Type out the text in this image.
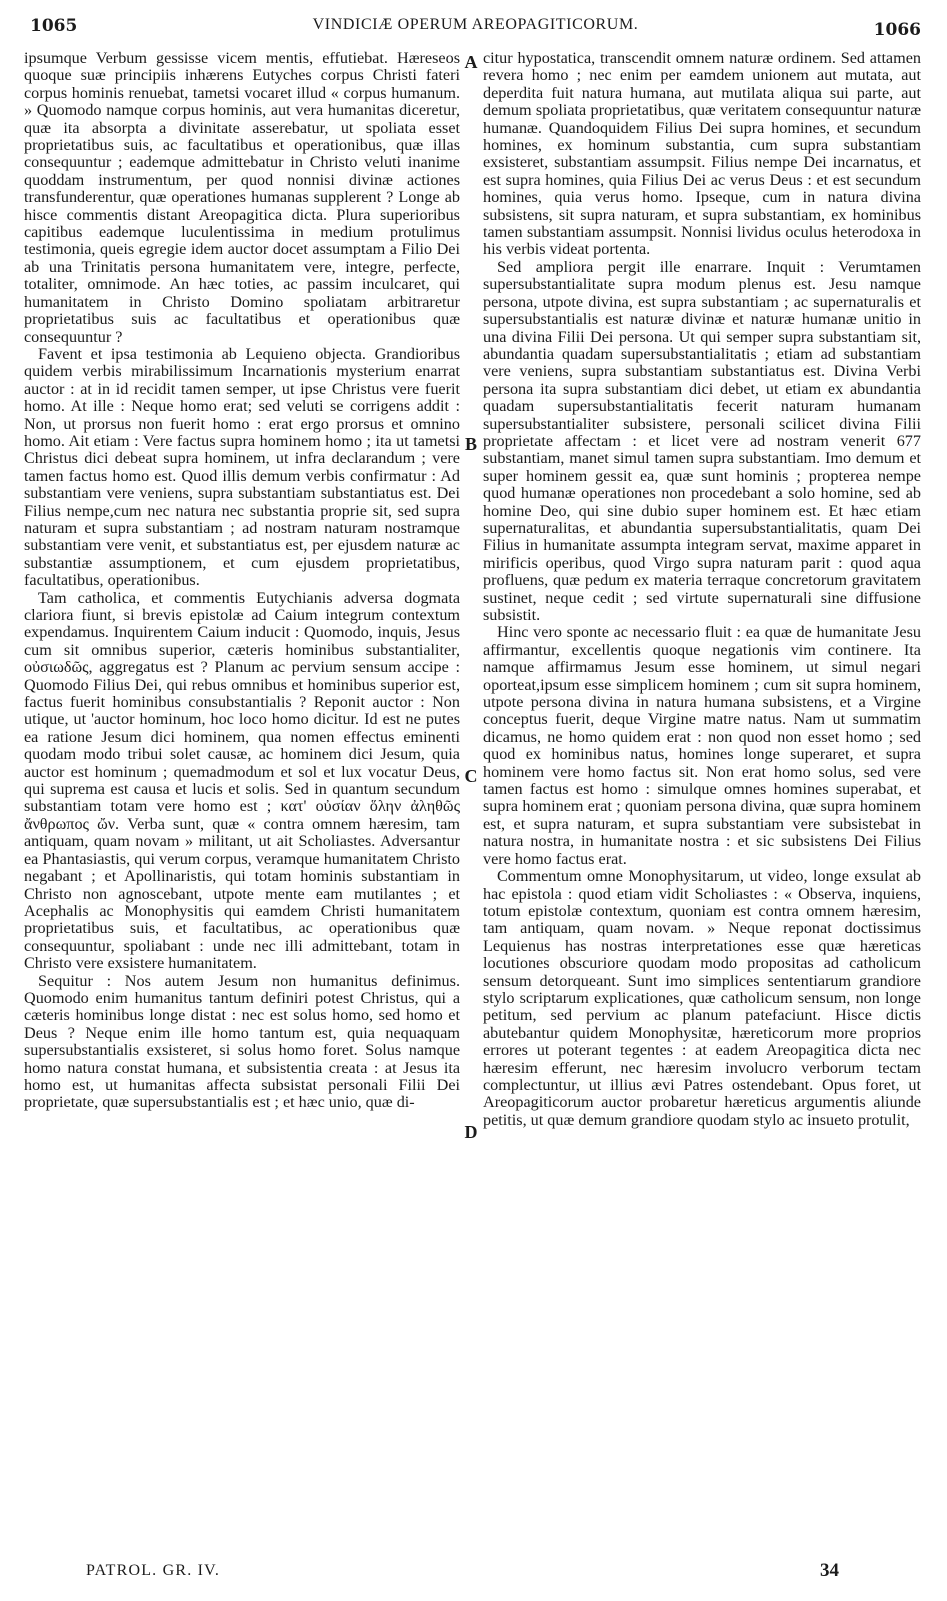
1065	VINDICIÆ OPERUM AREOPAGITICORUM.	1066

ipsumque Verbum gessisse vicem mentis, effutiebat. Hæreseos quoque suæ principiis inhærens Eutyches corpus Christi fateri corpus hominis renuebat, tametsi vocaret illud « corpus humanum. » Quomodo namque corpus hominis, aut vera humanitas diceretur, quæ ita absorpta a divinitate asserebatur, ut spoliata esset proprietatibus suis, ac facultatibus et operationibus, quæ illas consequuntur ; eademque admittebatur in Christo veluti inanime quoddam instrumentum, per quod nonnisi divinæ actiones transfunderentur, quæ operationes humanas supplerent ? Longe ab hisce commentis distant Areopagitica dicta. Plura superioribus capitibus eademque luculentissima in medium protulimus testimonia, queis egregie idem auctor docet assumptam a Filio Dei ab una Trinitatis persona humanitatem vere, integre, perfecte, totaliter, omnimode. An hæc toties, ac passim inculcaret, qui humanitatem in Christo Domino spoliatam arbitraretur proprietatibus suis ac facultatibus et operationibus quæ consequuntur ?

Favent et ipsa testimonia ab Lequieno objecta. Grandioribus quidem verbis mirabilissimum Incarnationis mysterium enarrat auctor : at in id recidit tamen semper, ut ipse Christus vere fuerit homo. At ille : Neque homo erat; sed veluti se corrigens addit : Non, ut prorsus non fuerit homo : erat ergo prorsus et omnino homo. Ait etiam : Vere factus supra hominem homo ; ita ut tametsi Christus dici debeat supra hominem, ut infra declarandum ; vere tamen factus homo est. Quod illis demum verbis confirmatur : Ad substantiam vere veniens, supra substantiam substantiatus est. Dei Filius nempe,cum nec natura nec substantia proprie sit, sed supra naturam et supra substantiam ; ad nostram naturam nostramque substantiam vere venit, et substantiatus est, per ejusdem naturæ ac substantiæ assumptionem, et cum ejusdem proprietatibus, facultatibus, operationibus.

Tam catholica, et commentis Eutychianis adversa dogmata clariora fiunt, si brevis epistolæ ad Caium integrum contextum expendamus. Inquirentem Caium inducit : Quomodo, inquis, Jesus cum sit omnibus superior, cæteris hominibus substantialiter, οὐσιωδῶς, aggregatus est ? Planum ac pervium sensum accipe : Quomodo Filius Dei, qui rebus omnibus et hominibus superior est, factus fuerit hominibus consubstantialis ? Reponit auctor : Non utique, ut 'auctor hominum, hoc loco homo dicitur. Id est ne putes ea ratione Jesum dici hominem, qua nomen effectus eminenti quodam modo tribui solet causæ, ac hominem dici Jesum, quia auctor est hominum ; quemadmodum et sol et lux vocatur Deus, qui suprema est causa et lucis et solis. Sed in quantum secundum substantiam totam vere homo est ; κατ' οὐσίαν ὅλην ἀληθῶς ἄνθρωπος ὤν. Verba sunt, quæ « contra omnem hæresim, tam antiquam, quam novam » militant, ut ait Scholiastes. Adversantur ea Phantasiastis, qui verum corpus, veramque humanitatem Christo negabant ; et Apollinaristis, qui totam hominis substantiam in Christo non agnoscebant, utpote mente eam mutilantes ; et Acephalis ac Monophysitis qui eamdem Christi humanitatem proprietatibus suis, et facultatibus, ac operationibus quæ consequuntur, spoliabant : unde nec illi admittebant, totam in Christo vere exsistere humanitatem.

Sequitur : Nos autem Jesum non humanitus definimus. Quomodo enim humanitus tantum definiri potest Christus, qui a cæteris hominibus longe distat : nec est solus homo, sed homo et Deus ? Neque enim ille homo tantum est, quia nequaquam supersubstantialis exsisteret, si solus homo foret. Solus namque homo natura constat humana, et subsistentia creata : at Jesus ita homo est, ut humanitas affecta subsistat personali Filii Dei proprietate, quæ supersubstantialis est ; et hæc unio, quæ di-

A
B
C
D

citur hypostatica, transcendit omnem naturæ ordinem. Sed attamen revera homo ; nec enim per eamdem unionem aut mutata, aut deperdita fuit natura humana, aut mutilata aliqua sui parte, aut demum spoliata proprietatibus, quæ veritatem consequuntur naturæ humanæ. Quandoquidem Filius Dei supra homines, et secundum homines, ex hominum substantia, cum supra substantiam exsisteret, substantiam assumpsit. Filius nempe Dei incarnatus, et est supra homines, quia Filius Dei ac verus Deus : et est secundum homines, quia verus homo. Ipseque, cum in natura divina subsistens, sit supra naturam, et supra substantiam, ex hominibus tamen substantiam assumpsit. Nonnisi lividus oculus heterodoxa in his verbis videat portenta.

Sed ampliora pergit ille enarrare. Inquit : Verumtamen supersubstantialitate supra modum plenus est. Jesu namque persona, utpote divina, est supra substantiam ; ac supernaturalis et supersubstantialis est naturæ divinæ et naturæ humanæ unitio in una divina Filii Dei persona. Ut qui semper supra substantiam sit, abundantia quadam supersubstantialitatis ; etiam ad substantiam vere veniens, supra substantiam substantiatus est. Divina Verbi persona ita supra substantiam dici debet, ut etiam ex abundantia quadam supersubstantialitatis fecerit naturam humanam supersubstantialiter subsistere, personali scilicet divina Filii proprietate affectam : et licet vere ad nostram venerit 677 substantiam, manet simul tamen supra substantiam. Imo demum et super hominem gessit ea, quæ sunt hominis ; propterea nempe quod humanæ operationes non procedebant a solo homine, sed ab homine Deo, qui sine dubio super hominem est. Et hæc etiam supernaturalitas, et abundantia supersubstantialitatis, quam Dei Filius in humanitate assumpta integram servat, maxime apparet in mirificis operibus, quod Virgo supra naturam parit : quod aqua profluens, quæ pedum ex materia terraque concretorum gravitatem sustinet, neque cedit ; sed virtute supernaturali sine diffusione subsistit.

Hinc vero sponte ac necessario fluit : ea quæ de humanitate Jesu affirmantur, excellentis quoque negationis vim continere. Ita namque affirmamus Jesum esse hominem, ut simul negari oporteat,ipsum esse simplicem hominem ; cum sit supra hominem, utpote persona divina in natura humana subsistens, et a Virgine conceptus fuerit, deque Virgine matre natus. Nam ut summatim dicamus, ne homo quidem erat : non quod non esset homo ; sed quod ex hominibus natus, homines longe superaret, et supra hominem vere homo factus sit. Non erat homo solus, sed vere tamen factus est homo : simulque omnes homines superabat, et supra hominem erat ; quoniam persona divina, quæ supra hominem est, et supra naturam, et supra substantiam vere subsistebat in natura nostra, in humanitate nostra : et sic subsistens Dei Filius vere homo factus erat.

Commentum omne Monophysitarum, ut video, longe exsulat ab hac epistola : quod etiam vidit Scholiastes : « Observa, inquiens, totum epistolæ contextum, quoniam est contra omnem hæresim, tam antiquam, quam novam. » Neque reponat doctissimus Lequienus has nostras interpretationes esse quæ hæreticas locutiones obscuriore quodam modo propositas ad catholicum sensum detorqueant. Sunt imo simplices sententiarum grandiore stylo scriptarum explicationes, quæ catholicum sensum, non longe petitum, sed pervium ac planum patefaciunt. Hisce dictis abutebantur quidem Monophysitæ, hæreticorum more proprios errores ut poterant tegentes : at eadem Areopagitica dicta nec hæresim efferunt, nec hæresim involucro verborum tectam complectuntur, ut illius ævi Patres ostendebant. Opus foret, ut Areopagiticorum auctor probaretur hæreticus argumentis aliunde petitis, ut quæ demum grandiore quodam stylo ac insueto protulit,

PATROL. GR. IV.	34
